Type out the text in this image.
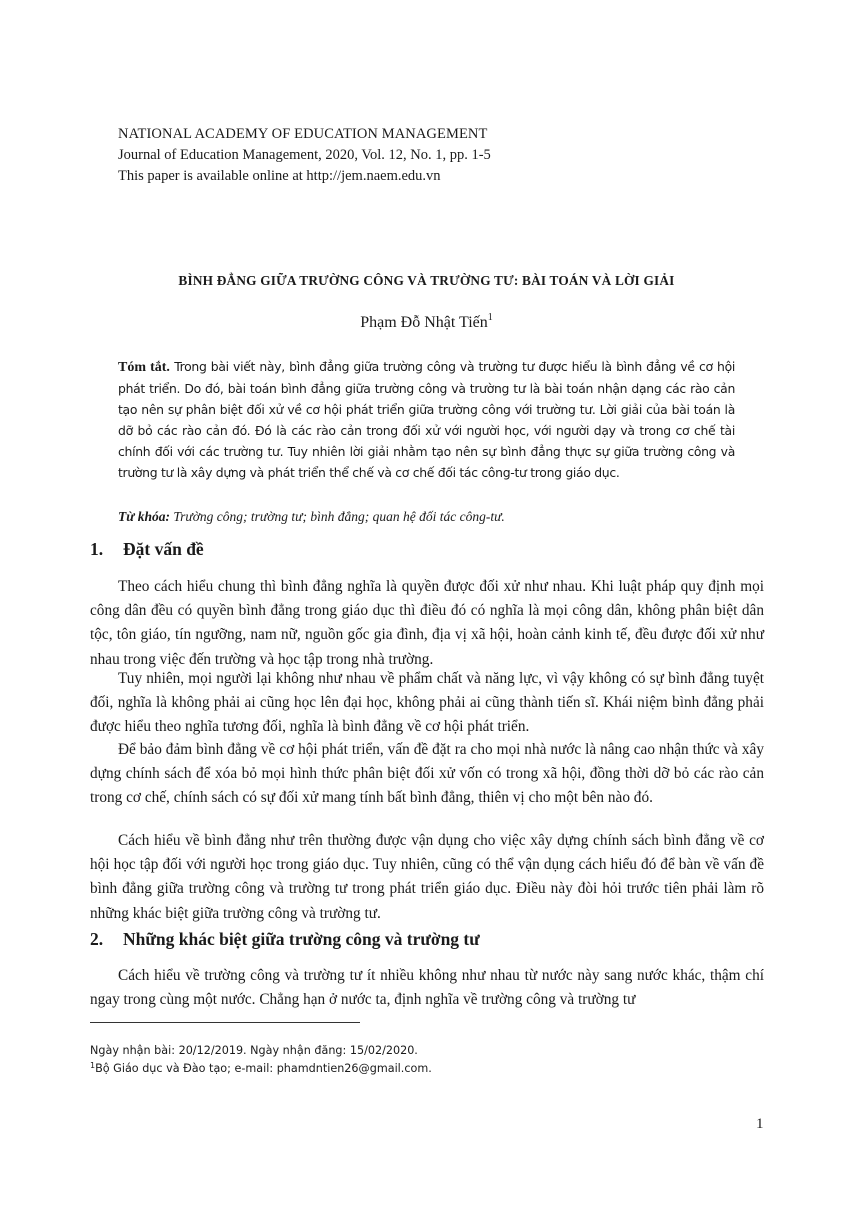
NATIONAL ACADEMY OF EDUCATION MANAGEMENT
Journal of Education Management, 2020, Vol. 12, No. 1, pp. 1-5
This paper is available online at http://jem.naem.edu.vn
BÌNH ĐẲNG GIỮA TRƯỜNG CÔNG VÀ TRƯỜNG TƯ: BÀI TOÁN VÀ LỜI GIẢI
Phạm Đỗ Nhật Tiến$^1$
Tóm tắt. Trong bài viết này, bình đẳng giữa trường công và trường tư được hiểu là bình đẳng về cơ hội phát triển. Do đó, bài toán bình đẳng giữa trường công và trường tư là bài toán nhận dạng các rào cản tạo nên sự phân biệt đối xử về cơ hội phát triển giữa trường công với trường tư. Lời giải của bài toán là dỡ bỏ các rào cản đó. Đó là các rào cản trong đối xử với người học, với người dạy và trong cơ chế tài chính đối với các trường tư. Tuy nhiên lời giải nhằm tạo nên sự bình đẳng thực sự giữa trường công và trường tư là xây dựng và phát triển thể chế và cơ chế đối tác công-tư trong giáo dục.
Từ khóa: Trường công; trường tư; bình đẳng; quan hệ đối tác công-tư.
1. Đặt vấn đề
Theo cách hiểu chung thì bình đẳng nghĩa là quyền được đối xử như nhau. Khi luật pháp quy định mọi công dân đều có quyền bình đẳng trong giáo dục thì điều đó có nghĩa là mọi công dân, không phân biệt dân tộc, tôn giáo, tín ngưỡng, nam nữ, nguồn gốc gia đình, địa vị xã hội, hoàn cảnh kinh tế, đều được đối xử như nhau trong việc đến trường và học tập trong nhà trường.
Tuy nhiên, mọi người lại không như nhau về phẩm chất và năng lực, vì vậy không có sự bình đẳng tuyệt đối, nghĩa là không phải ai cũng học lên đại học, không phải ai cũng thành tiến sĩ. Khái niệm bình đẳng phải được hiểu theo nghĩa tương đối, nghĩa là bình đẳng về cơ hội phát triển.
Để bảo đảm bình đẳng về cơ hội phát triển, vấn đề đặt ra cho mọi nhà nước là nâng cao nhận thức và xây dựng chính sách để xóa bỏ mọi hình thức phân biệt đối xử vốn có trong xã hội, đồng thời dỡ bỏ các rào cản trong cơ chế, chính sách có sự đối xử mang tính bất bình đẳng, thiên vị cho một bên nào đó.
Cách hiểu về bình đẳng như trên thường được vận dụng cho việc xây dựng chính sách bình đẳng về cơ hội học tập đối với người học trong giáo dục. Tuy nhiên, cũng có thể vận dụng cách hiểu đó để bàn về vấn đề bình đẳng giữa trường công và trường tư trong phát triển giáo dục. Điều này đòi hỏi trước tiên phải làm rõ những khác biệt giữa trường công và trường tư.
2. Những khác biệt giữa trường công và trường tư
Cách hiểu về trường công và trường tư ít nhiều không như nhau từ nước này sang nước khác, thậm chí ngay trong cùng một nước. Chẳng hạn ở nước ta, định nghĩa về trường công và trường tư
Ngày nhận bài: 20/12/2019. Ngày nhận đăng: 15/02/2020.
$^1$Bộ Giáo dục và Đào tạo; e-mail: phamdntien26@gmail.com.
1
